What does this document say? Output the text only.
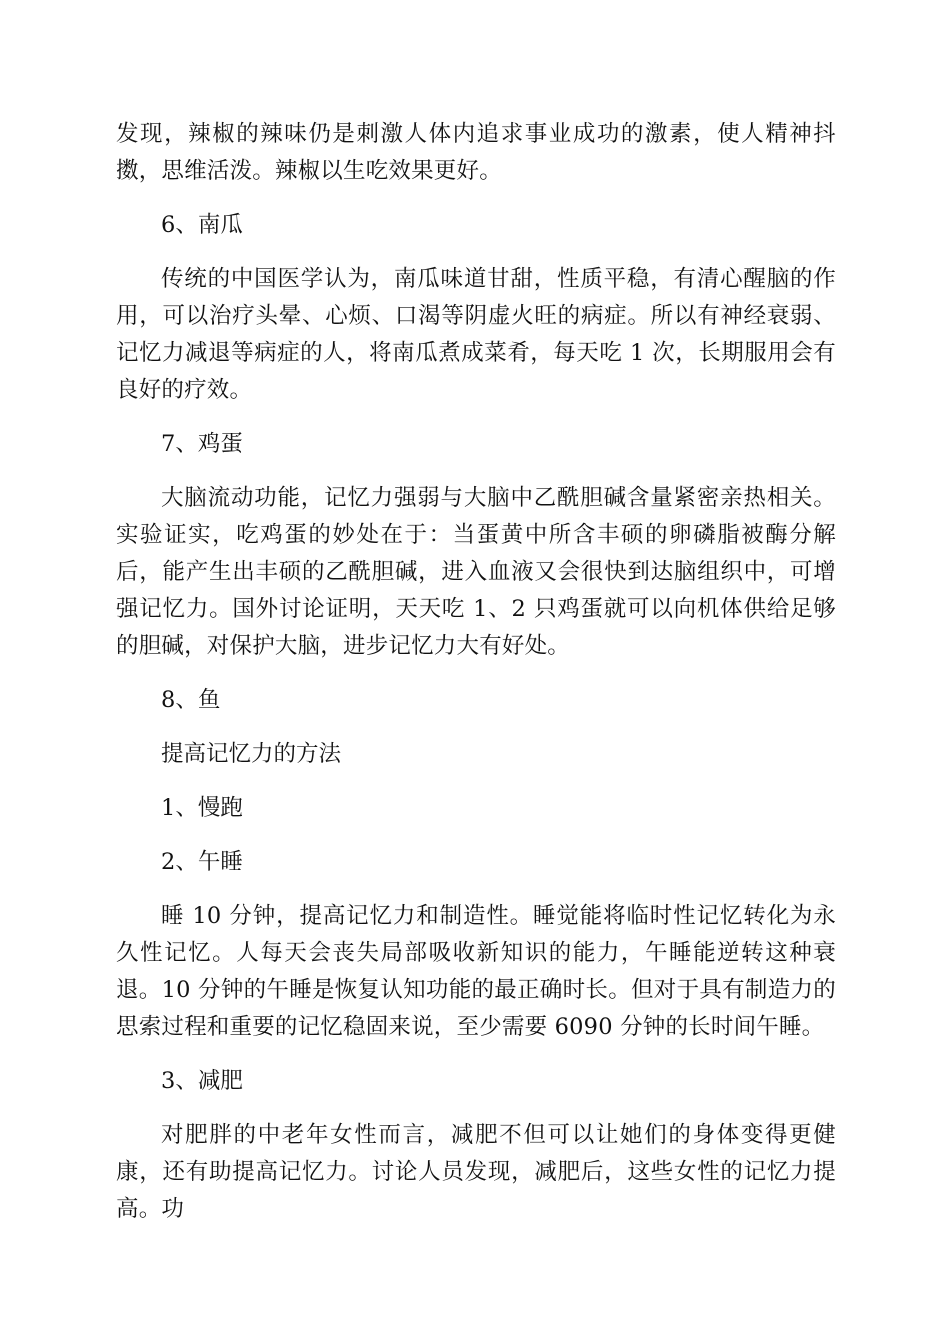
发现，辣椒的辣味仍是刺激人体内追求事业成功的激素，使人精神抖擞，思维活泼。辣椒以生吃效果更好。

6、南瓜

传统的中国医学认为，南瓜味道甘甜，性质平稳，有清心醒脑的作用，可以治疗头晕、心烦、口渴等阴虚火旺的病症。所以有神经衰弱、记忆力减退等病症的人，将南瓜煮成菜肴，每天吃 1 次，长期服用会有良好的疗效。

7、鸡蛋

大脑流动功能，记忆力强弱与大脑中乙酰胆碱含量紧密亲热相关。实验证实，吃鸡蛋的妙处在于：当蛋黄中所含丰硕的卵磷脂被酶分解后，能产生出丰硕的乙酰胆碱，进入血液又会很快到达脑组织中，可增强记忆力。国外讨论证明，天天吃 1、2 只鸡蛋就可以向机体供给足够的胆碱，对保护大脑，进步记忆力大有好处。

8、鱼

提高记忆力的方法

1、慢跑

2、午睡

睡 10 分钟，提高记忆力和制造性。睡觉能将临时性记忆转化为永久性记忆。人每天会丧失局部吸收新知识的能力，午睡能逆转这种衰退。10 分钟的午睡是恢复认知功能的最正确时长。但对于具有制造力的思索过程和重要的记忆稳固来说，至少需要 6090 分钟的长时间午睡。

3、减肥

对肥胖的中老年女性而言，减肥不但可以让她们的身体变得更健康，还有助提高记忆力。讨论人员发现，减肥后，这些女性的记忆力提高。功
